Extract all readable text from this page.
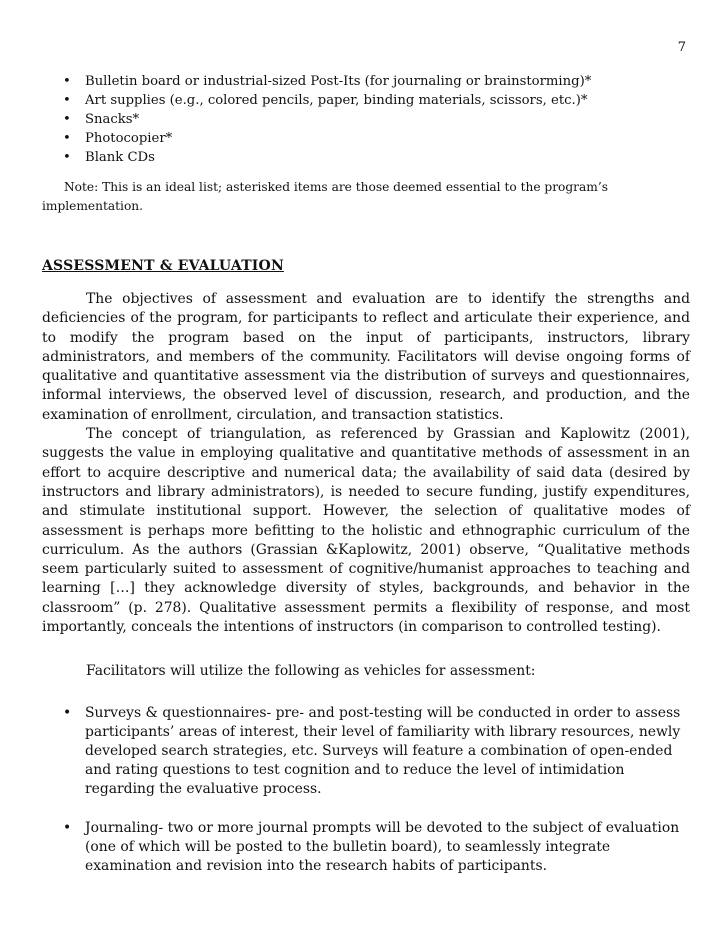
7
• Bulletin board or industrial-sized Post-Its (for journaling or brainstorming)*
• Art supplies (e.g., colored pencils, paper, binding materials, scissors, etc.)*
• Snacks*
• Photocopier*
• Blank CDs

Note: This is an ideal list; asterisked items are those deemed essential to the program’s implementation.

ASSESSMENT & EVALUATION

The objectives of assessment and evaluation are to identify the strengths and deficiencies of the program, for participants to reflect and articulate their experience, and to modify the program based on the input of participants, instructors, library administrators, and members of the community. Facilitators will devise ongoing forms of qualitative and quantitative assessment via the distribution of surveys and questionnaires, informal interviews, the observed level of discussion, research, and production, and the examination of enrollment, circulation, and transaction statistics.

The concept of triangulation, as referenced by Grassian and Kaplowitz (2001), suggests the value in employing qualitative and quantitative methods of assessment in an effort to acquire descriptive and numerical data; the availability of said data (desired by instructors and library administrators), is needed to secure funding, justify expenditures, and stimulate institutional support. However, the selection of qualitative modes of assessment is perhaps more befitting to the holistic and ethnographic curriculum of the curriculum. As the authors (Grassian &Kaplowitz, 2001) observe, “Qualitative methods seem particularly suited to assessment of cognitive/humanist approaches to teaching and learning […] they acknowledge diversity of styles, backgrounds, and behavior in the classroom” (p. 278). Qualitative assessment permits a flexibility of response, and most importantly, conceals the intentions of instructors (in comparison to controlled testing).

Facilitators will utilize the following as vehicles for assessment:

• Surveys & questionnaires- pre- and post-testing will be conducted in order to assess participants’ areas of interest, their level of familiarity with library resources, newly developed search strategies, etc. Surveys will feature a combination of open-ended and rating questions to test cognition and to reduce the level of intimidation regarding the evaluative process.
• Journaling- two or more journal prompts will be devoted to the subject of evaluation (one of which will be posted to the bulletin board), to seamlessly integrate examination and revision into the research habits of participants.
